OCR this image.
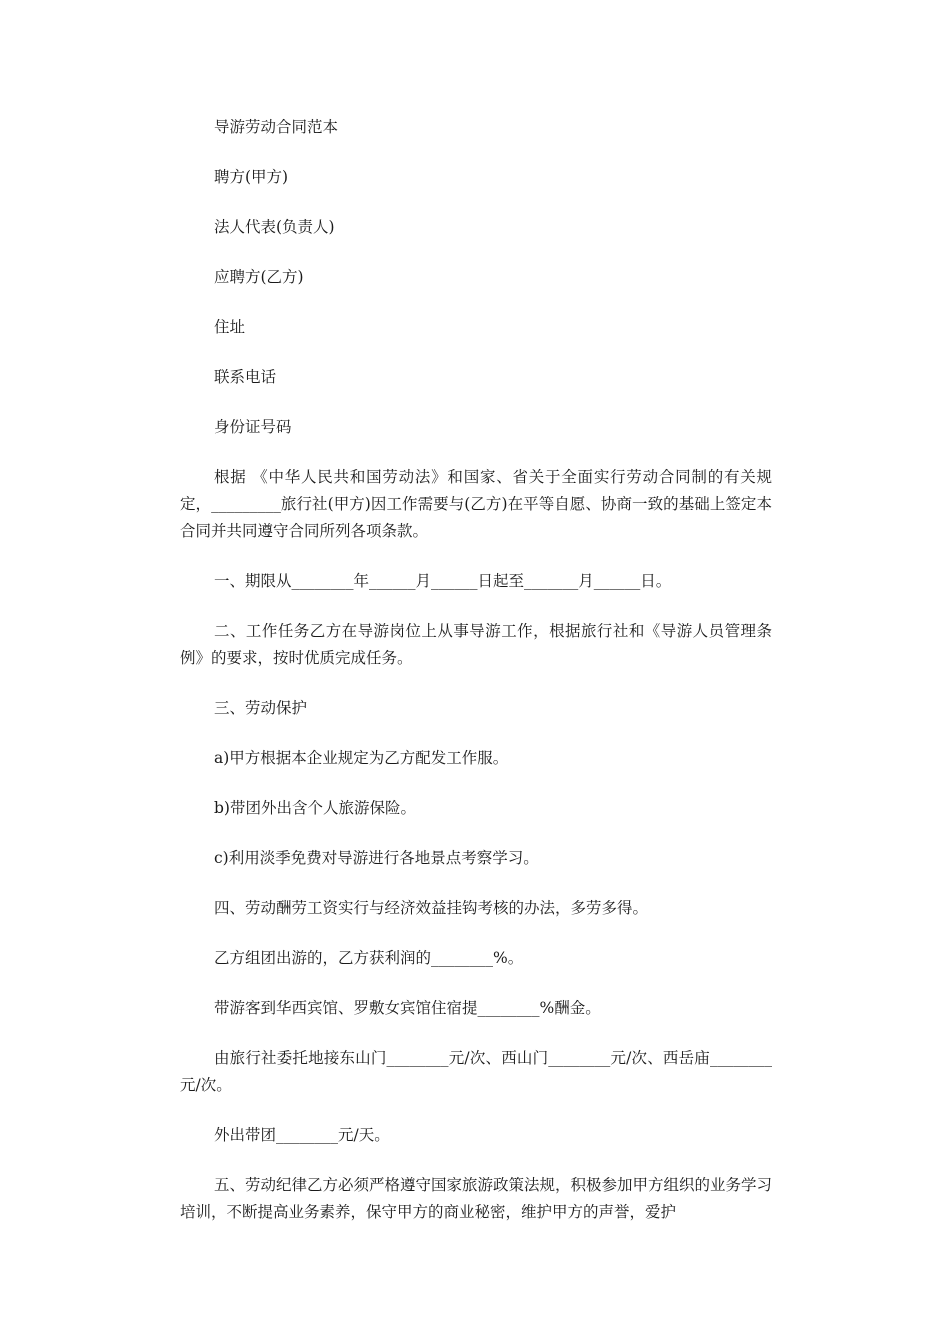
导游劳动合同范本

聘方(甲方)

法人代表(负责人)

应聘方(乙方)

住址

联系电话

身份证号码

根据 《中华人民共和国劳动法》和国家、省关于全面实行劳动合同制的有关规定，_________旅行社(甲方)因工作需要与(乙方)在平等自愿、协商一致的基础上签定本合同并共同遵守合同所列各项条款。

一、期限从________年______月______日起至_______月______日。

二、工作任务乙方在导游岗位上从事导游工作，根据旅行社和《导游人员管理条例》的要求，按时优质完成任务。

三、劳动保护

a)甲方根据本企业规定为乙方配发工作服。

b)带团外出含个人旅游保险。

c)利用淡季免费对导游进行各地景点考察学习。

四、劳动酬劳工资实行与经济效益挂钩考核的办法，多劳多得。

乙方组团出游的，乙方获利润的________%。

带游客到华西宾馆、罗敷女宾馆住宿提________%酬金。

由旅行社委托地接东山门________元/次、西山门________元/次、西岳庙________元/次。

外出带团________元/天。

五、劳动纪律乙方必须严格遵守国家旅游政策法规，积极参加甲方组织的业务学习培训，不断提高业务素养，保守甲方的商业秘密，维护甲方的声誉，爱护
